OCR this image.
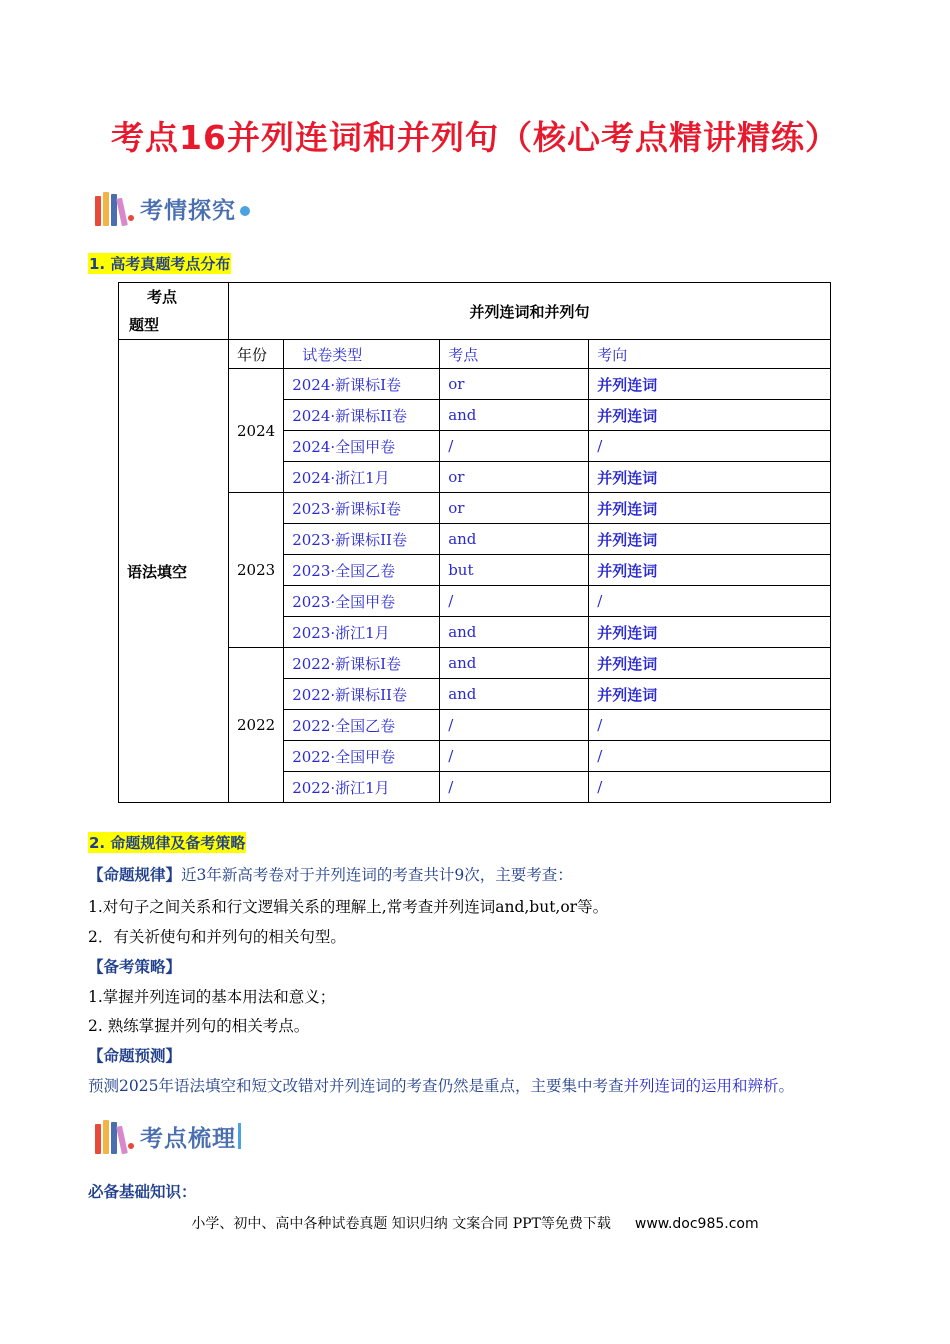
考点16并列连词和并列句（核心考点精讲精练）
考情探究
1. 高考真题考点分布
考点
题型	并列连词和并列句			
语法填空	年份	试卷类型	考点	考向
	2024	2024·新课标I卷	or	并列连词
		2024·新课标II卷	and	并列连词
		2024·全国甲卷	/	/
		2024·浙江1月	or	并列连词
	2023	2023·新课标I卷	or	并列连词
		2023·新课标II卷	and	并列连词
		2023·全国乙卷	but	并列连词
		2023·全国甲卷	/	/
		2023·浙江1月	and	并列连词
	2022	2022·新课标I卷	and	并列连词
		2022·新课标II卷	and	并列连词
		2022·全国乙卷	/	/
		2022·全国甲卷	/	/
		2022·浙江1月	/	/
2. 命题规律及备考策略
【命题规律】近3年新高考卷对于并列连词的考查共计9次，主要考查：
1.对句子之间关系和行文逻辑关系的理解上,常考查并列连词and,but,or等。
2．有关祈使句和并列句的相关句型。
【备考策略】
1.掌握并列连词的基本用法和意义；
2. 熟练掌握并列句的相关考点。
【命题预测】
预测2025年语法填空和短文改错对并列连词的考查仍然是重点，主要集中考查并列连词的运用和辨析。
考点梳理
必备基础知识：
小学、初中、高中各种试卷真题 知识归纳 文案合同 PPT等免费下载 www.doc985.com
